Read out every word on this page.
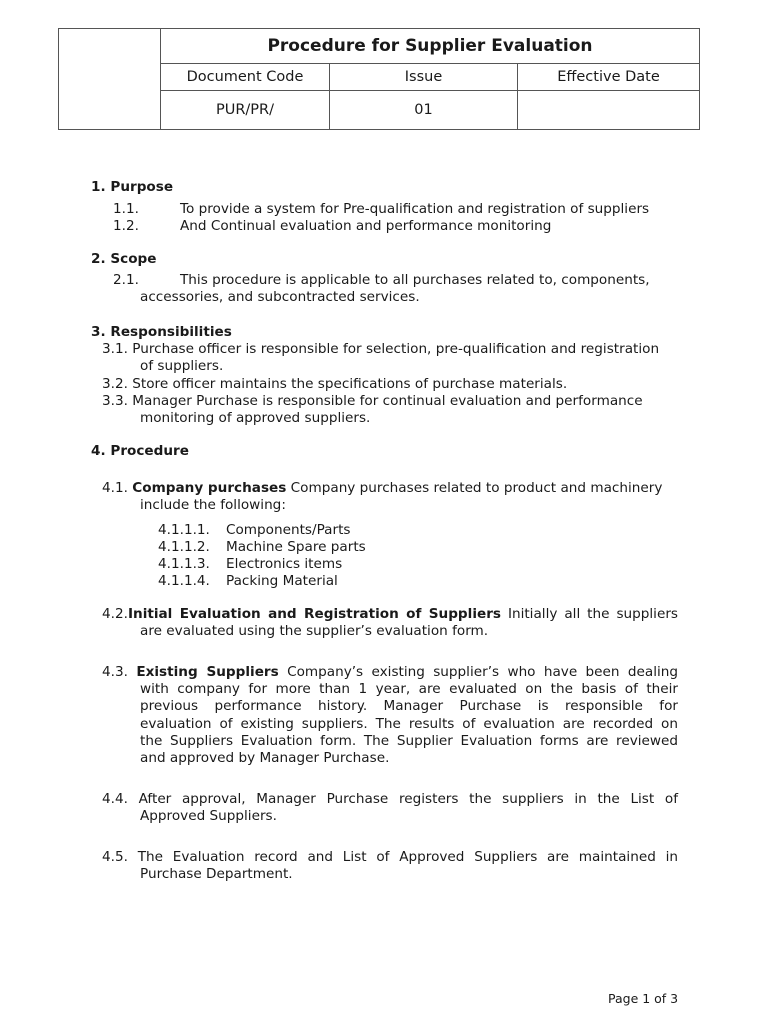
Procedure for Supplier Evaluation
Document Code	Issue	Effective Date
PUR/PR/	01
1. Purpose
1.1.	To provide a system for Pre-qualification and registration of suppliers
1.2.	And Continual evaluation and performance monitoring
2. Scope
2.1.	This procedure is applicable to all purchases related to, components,
accessories, and subcontracted services.
3. Responsibilities
3.1. Purchase officer is responsible for selection, pre-qualification and registration
of suppliers.
3.2. Store officer maintains the specifications of purchase materials.
3.3. Manager Purchase is responsible for continual evaluation and performance
monitoring of approved suppliers.
4. Procedure
4.1. Company purchases Company purchases related to product and machinery
include the following:
4.1.1.1. Components/Parts
4.1.1.2. Machine Spare parts
4.1.1.3. Electronics items
4.1.1.4. Packing Material
4.2.Initial Evaluation and Registration of Suppliers Initially all the suppliers
are evaluated using the supplier’s evaluation form.
4.3. Existing Suppliers Company’s existing supplier’s who have been dealing
with company for more than 1 year, are evaluated on the basis of their
previous performance history. Manager Purchase is responsible for
evaluation of existing suppliers. The results of evaluation are recorded on
the Suppliers Evaluation form. The Supplier Evaluation forms are reviewed
and approved by Manager Purchase.
4.4. After approval, Manager Purchase registers the suppliers in the List of
Approved Suppliers.
4.5. The Evaluation record and List of Approved Suppliers are maintained in
Purchase Department.
Page 1 of 3
